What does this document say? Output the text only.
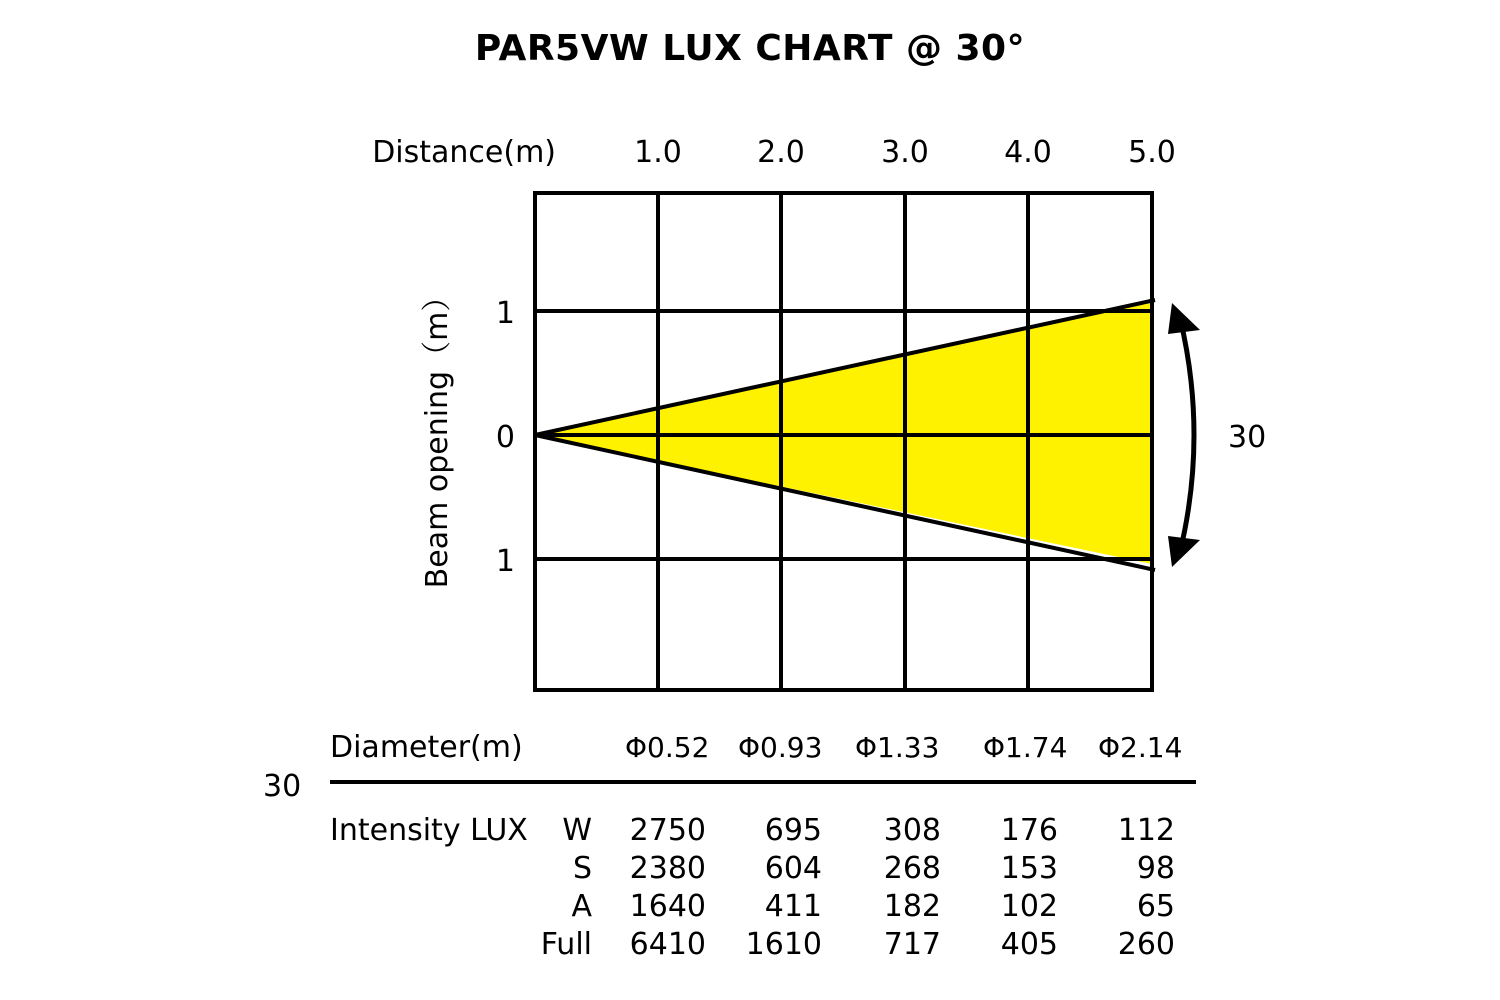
PAR5VW LUX CHART @ 30°
Distance(m)	1.0	2.0	3.0	4.0	5.0
Beam opening（m） 1
0
1
30
30
Diameter(m)	Φ0.52 Φ0.93 Φ1.33 Φ1.74 Φ2.14
Intensity LUX W 2750 695 308 176 112
S 2380 604 268 153	98
A 1640 411 182 102	65
Full 6410 1610 717 405 260
